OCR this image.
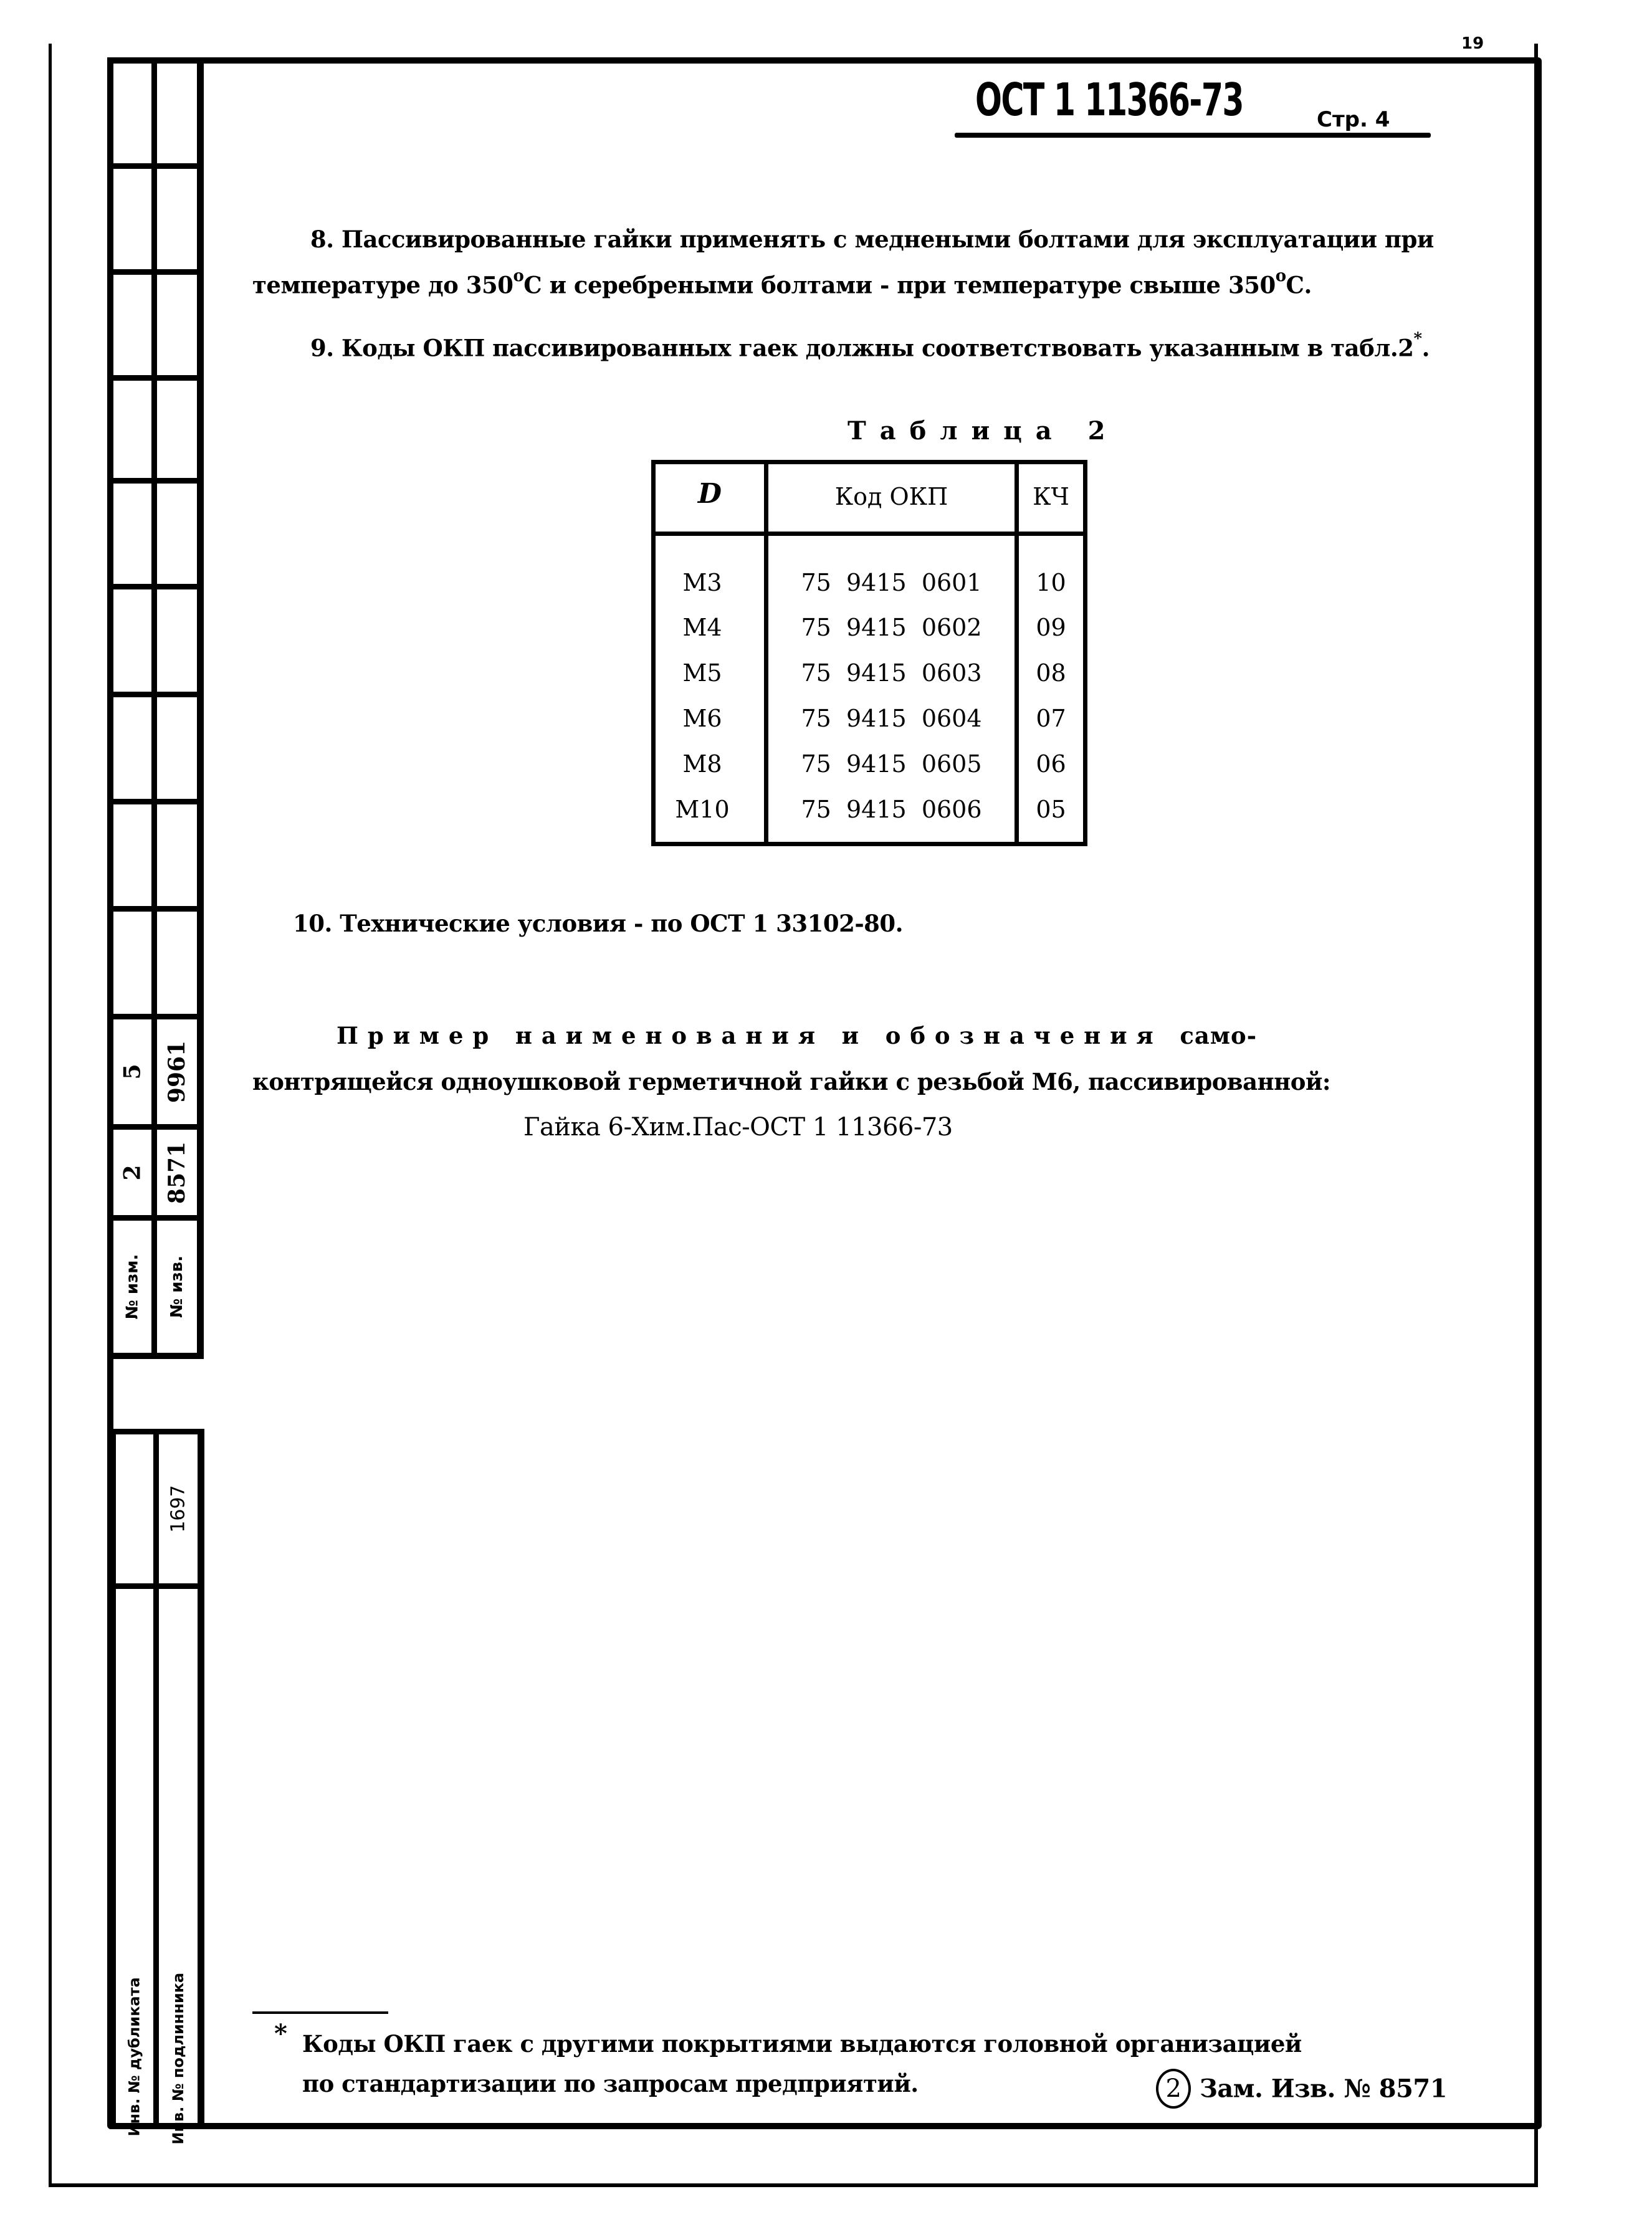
19
5 9961
2 8571
№ изм. № изв.
1697
Инв. № дубликата Инв. № подлинника
ОСТ 1 11366-73	Стр. 4
8. Пассивированные гайки применять с меднеными болтами для эксплуатации при
температуре до 350$^o$С и серебреными болтами - при температуре свыше 350$^o$С.
9. Коды ОКП пассивированных гаек должны соответствовать указанным в табл.2*.
Таблица 2
D	Код ОКП	КЧ
М3	75  9415  0601	10
М4	75  9415  0602	09
М5	75  9415  0603	08
М6	75  9415  0604	07
М8	75  9415  0605	06
М10	75  9415  0606	05
10. Технические условия - по ОСТ 1 33102-80.
П р и м е р   н а и м е н о в а н и я   и   о б о з н а ч е н и я   само-
контрящейся одноушковой герметичной гайки с резьбой М6, пассивированной:
Гайка 6-Хим.Пас-ОСТ 1 11366-73
* Коды ОКП гаек с другими покрытиями выдаются головной организацией
по стандартизации по запросам предприятий.	2 Зам. Изв. № 8571
